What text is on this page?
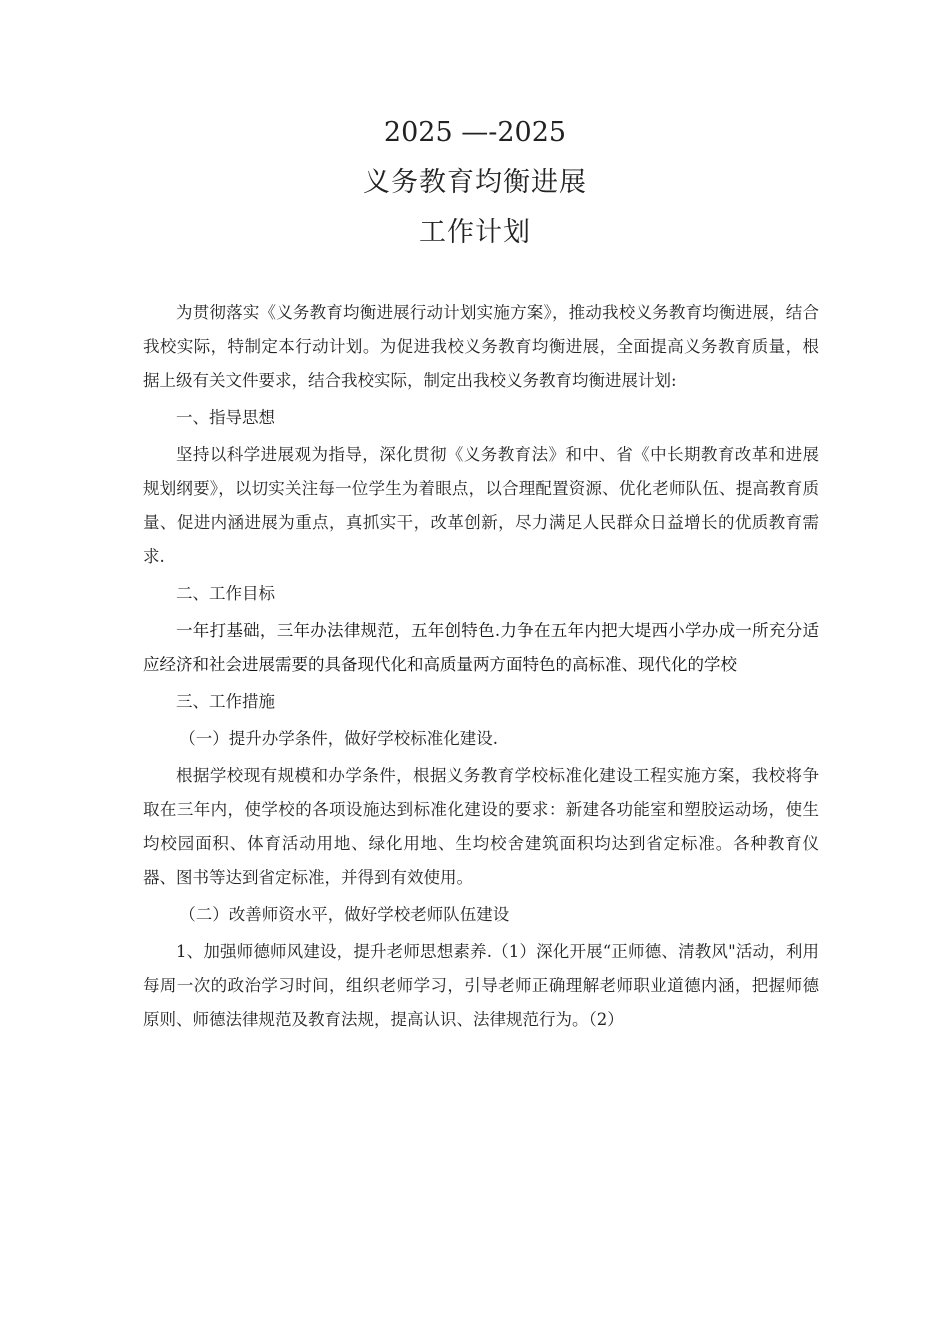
2025 —-2025
义务教育均衡进展
工作计划

为贯彻落实《义务教育均衡进展行动计划实施方案》，推动我校义务教育均衡进展，结合我校实际，特制定本行动计划。为促进我校义务教育均衡进展，全面提高义务教育质量，根据上级有关文件要求，结合我校实际，制定出我校义务教育均衡进展计划:

一、指导思想

坚持以科学进展观为指导，深化贯彻《义务教育法》和中、省《中长期教育改革和进展规划纲要》，以切实关注每一位学生为着眼点，以合理配置资源、优化老师队伍、提高教育质量、促进内涵进展为重点，真抓实干，改革创新，尽力满足人民群众日益增长的优质教育需求.

二、工作目标

一年打基础，三年办法律规范，五年创特色.力争在五年内把大堤西小学办成一所充分适应经济和社会进展需要的具备现代化和高质量两方面特色的高标准、现代化的学校

三、工作措施

（一）提升办学条件，做好学校标准化建设.

根据学校现有规模和办学条件，根据义务教育学校标准化建设工程实施方案，我校将争取在三年内，使学校的各项设施达到标准化建设的要求：新建各功能室和塑胶运动场，使生均校园面积、体育活动用地、绿化用地、生均校舍建筑面积均达到省定标准。各种教育仪器、图书等达到省定标准，并得到有效使用。

（二）改善师资水平，做好学校老师队伍建设

1、加强师德师风建设，提升老师思想素养.（1）深化开展“正师德、清教风"活动，利用每周一次的政治学习时间，组织老师学习，引导老师正确理解老师职业道德内涵，把握师德原则、师德法律规范及教育法规，提高认识、法律规范行为。（2）
